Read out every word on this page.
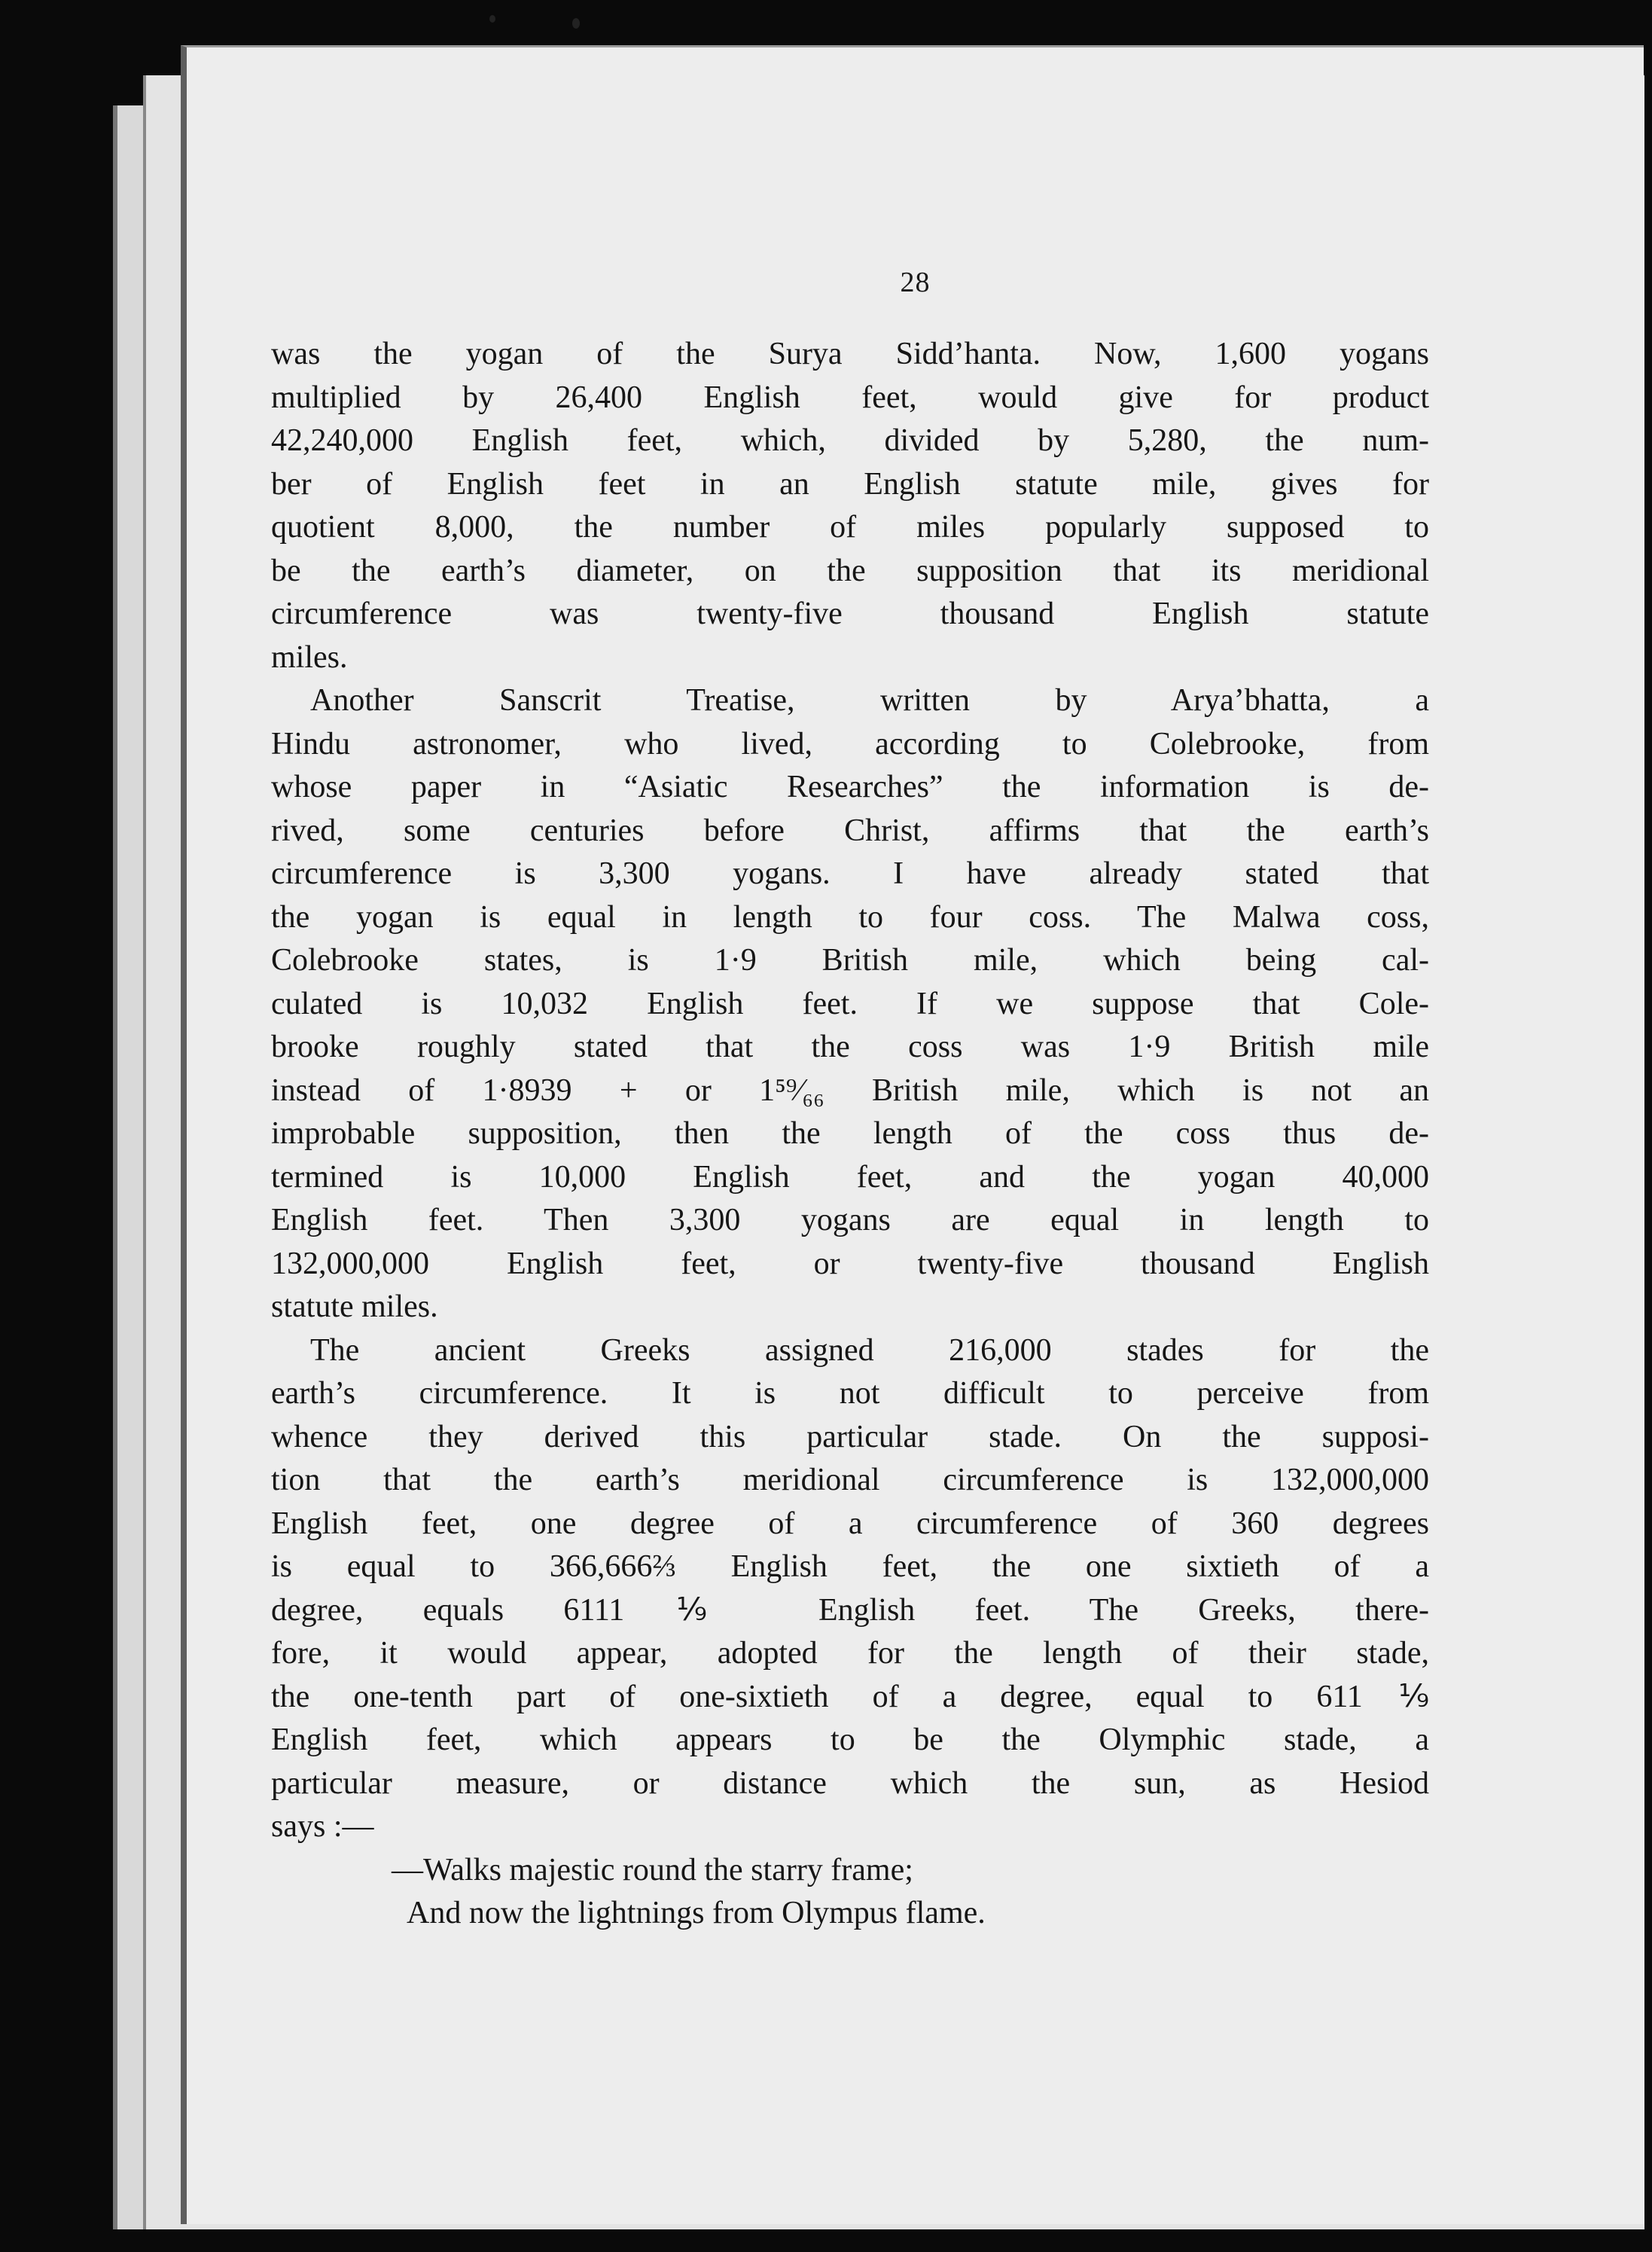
28
was the yogan of the Surya Sidd’hanta. Now, 1,600 yogans
multiplied by 26,400 English feet, would give for product
42,240,000 English feet, which, divided by 5,280, the num-
ber of English feet in an English statute mile, gives for
quotient 8,000, the number of miles popularly supposed to
be the earth’s diameter, on the supposition that its meridional
circumference was twenty-five thousand English statute
miles.
Another Sanscrit Treatise, written by Arya’bhatta, a
Hindu astronomer, who lived, according to Colebrooke, from
whose paper in “Asiatic Researches” the information is de-
rived, some centuries before Christ, affirms that the earth’s
circumference is 3,300 yogans. I have already stated that
the yogan is equal in length to four coss. The Malwa coss,
Colebrooke states, is 1·9 British mile, which being cal-
culated is 10,032 English feet. If we suppose that Cole-
brooke roughly stated that the coss was 1·9 British mile
instead of 1·8939 + or 1⁵⁹⁄₆₆ British mile, which is not an
improbable supposition, then the length of the coss thus de-
termined is 10,000 English feet, and the yogan 40,000
English feet. Then 3,300 yogans are equal in length to
132,000,000 English feet, or twenty-five thousand English
statute miles.
The ancient Greeks assigned 216,000 stades for the
earth’s circumference. It is not difficult to perceive from
whence they derived this particular stade. On the supposi-
tion that the earth’s meridional circumference is 132,000,000
English feet, one degree of a circumference of 360 degrees
is equal to 366,666⅔ English feet, the one sixtieth of a
degree, equals 6111⅑ English feet. The Greeks, there-
fore, it would appear, adopted for the length of their stade,
the one-tenth part of one-sixtieth of a degree, equal to 611⅑
English feet, which appears to be the Olymphic stade, a
particular measure, or distance which the sun, as Hesiod
says :—
—Walks majestic round the starry frame;
And now the lightnings from Olympus flame.
